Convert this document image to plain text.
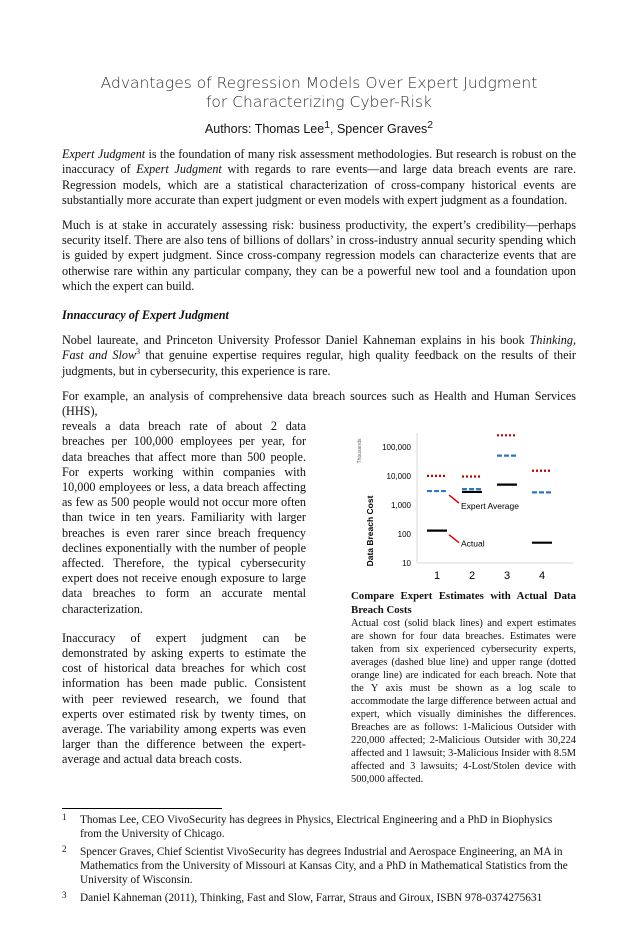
Advantages of Regression Models Over Expert Judgment
for Characterizing Cyber-Risk
Authors: Thomas Lee$^1$, Spencer Graves$^2$

Expert Judgment is the foundation of many risk assessment methodologies. But research is robust on the inaccuracy of Expert Judgment with regards to rare events—and large data breach events are rare. Regression models, which are a statistical characterization of cross-company historical events are substantially more accurate than expert judgment or even models with expert judgment as a foundation.

Much is at stake in accurately assessing risk: business productivity, the expert’s credibility—perhaps security itself. There are also tens of billions of dollars’ in cross-industry annual security spending which is guided by expert judgment. Since cross-company regression models can characterize events that are otherwise rare within any particular company, they can be a powerful new tool and a foundation upon which the expert can build.

Innaccuracy of Expert Judgment

Nobel laureate, and Princeton University Professor Daniel Kahneman explains in his book Thinking, Fast and Slow$^3$ that genuine expertise requires regular, high quality feedback on the results of their judgments, but in cybersecurity, this experience is rare.

For example, an analysis of comprehensive data breach sources such as Health and Human Services (HHS),

reveals a data breach rate of about 2 data breaches per 100,000 employees per year, for data breaches that affect more than 500 people. For experts working within companies with 10,000 employees or less, a data breach affecting as few as 500 people would not occur more often than twice in ten years. Familiarity with larger breaches is even rarer since breach frequency declines exponentially with the number of people affected. Therefore, the typical cybersecurity expert does not receive enough exposure to large data breaches to form an accurate mental characterization.
Inaccuracy of expert judgment can be demonstrated by asking experts to estimate the cost of historical data breaches for which cost information has been made public. Consistent with peer reviewed research, we found that experts over estimated risk by twenty times, on average. The variability among experts was even larger than the difference between the expert-average and actual data breach costs.
10
100
1,000
10,000
100,000
1	2	3	4
Data Breach Cost
Thousands
Expert Average
Actual
Compare Expert Estimates with Actual Data Breach Costs
Actual cost (solid black lines) and expert estimates are shown for four data breaches. Estimates were taken from six experienced cybersecurity experts, averages (dashed blue line) and upper range (dotted orange line) are indicated for each breach. Note that the Y axis must be shown as a log scale to accommodate the large difference between actual and expert, which visually diminishes the differences. Breaches are as follows: 1-Malicious Outsider with 220,000 affected; 2-Malicious Outsider with 30,224 affected and 1 lawsuit; 3-Malicious Insider with 8.5M affected and 3 lawsuits; 4-Lost/Stolen device with 500,000 affected.
1 Thomas Lee, CEO VivoSecurity has degrees in Physics, Electrical Engineering and a PhD in Biophysics from the University of Chicago.
2 Spencer Graves, Chief Scientist VivoSecurity has degrees Industrial and Aerospace Engineering, an MA in Mathematics from the University of Missouri at Kansas City, and a PhD in Mathematical Statistics from the University of Wisconsin.
3 Daniel Kahneman (2011), Thinking, Fast and Slow, Farrar, Straus and Giroux, ISBN 978-0374275631
